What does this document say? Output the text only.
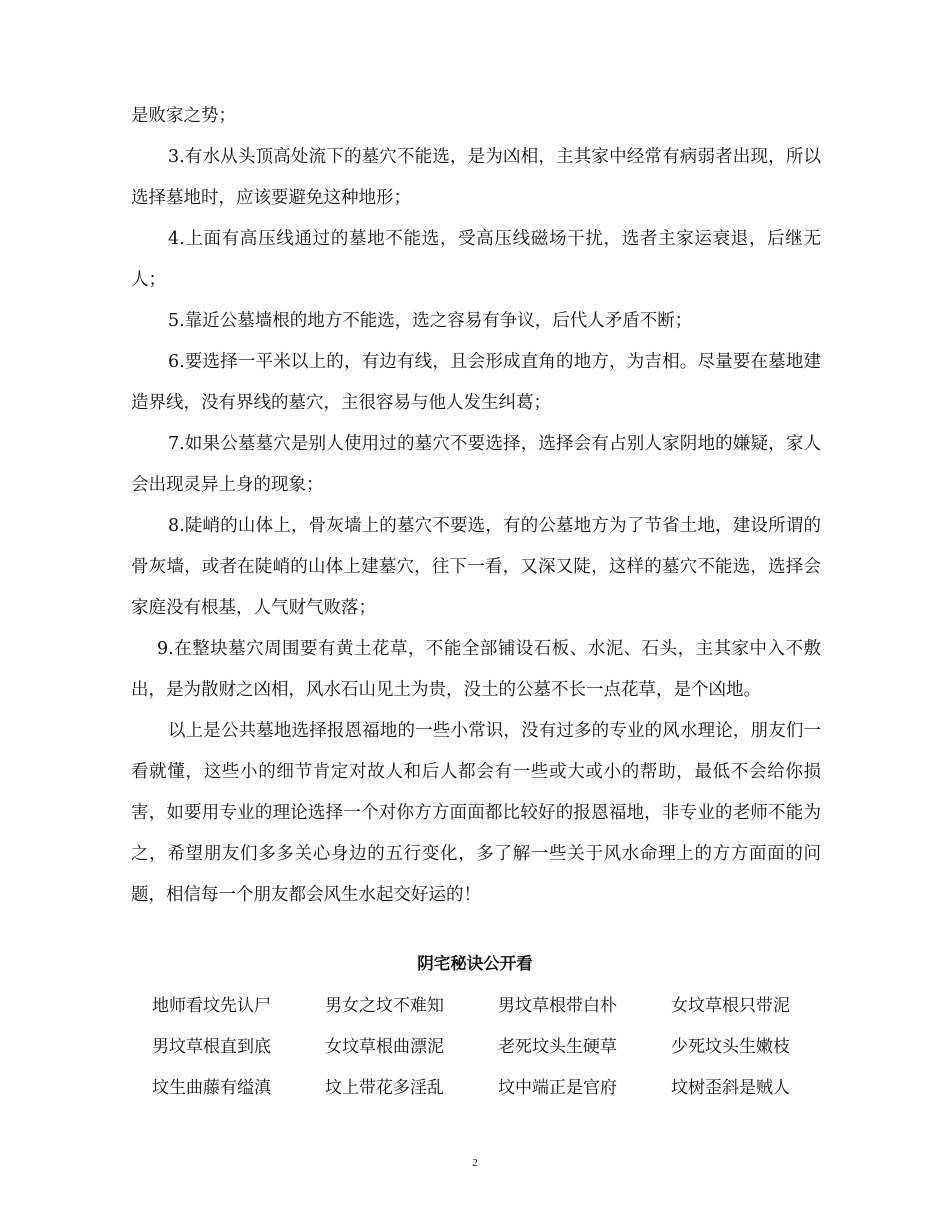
是败家之势；

3.有水从头顶高处流下的墓穴不能选，是为凶相，主其家中经常有病弱者出现，所以选择墓地时，应该要避免这种地形；

4.上面有高压线通过的墓地不能选，受高压线磁场干扰，选者主家运衰退，后继无人；

5.靠近公墓墙根的地方不能选，选之容易有争议，后代人矛盾不断；

6.要选择一平米以上的，有边有线，且会形成直角的地方，为吉相。尽量要在墓地建造界线，没有界线的墓穴，主很容易与他人发生纠葛；

7.如果公墓墓穴是别人使用过的墓穴不要选择，选择会有占别人家阴地的嫌疑，家人会出现灵异上身的现象；

8.陡峭的山体上，骨灰墙上的墓穴不要选，有的公墓地方为了节省土地，建设所谓的骨灰墙，或者在陡峭的山体上建墓穴，往下一看，又深又陡，这样的墓穴不能选，选择会家庭没有根基，人气财气败落；

9.在整块墓穴周围要有黄土花草，不能全部铺设石板、水泥、石头，主其家中入不敷出，是为散财之凶相，风水石山见土为贵，没土的公墓不长一点花草，是个凶地。

以上是公共墓地选择报恩福地的一些小常识，没有过多的专业的风水理论，朋友们一看就懂，这些小的细节肯定对故人和后人都会有一些或大或小的帮助，最低不会给你损害，如要用专业的理论选择一个对你方方面面都比较好的报恩福地，非专业的老师不能为之，希望朋友们多多关心身边的五行变化，多了解一些关于风水命理上的方方面面的问题，相信每一个朋友都会风生水起交好运的！

阴宅秘诀公开看
地师看坟先认尸	男女之坟不难知	男坟草根带白朴	女坟草根只带泥
男坟草根直到底	女坟草根曲漂泥	老死坟头生硬草	少死坟头生嫩枝
坟生曲藤有缢滇	坟上带花多淫乱	坟中端正是官府	坟树歪斜是贼人
2
